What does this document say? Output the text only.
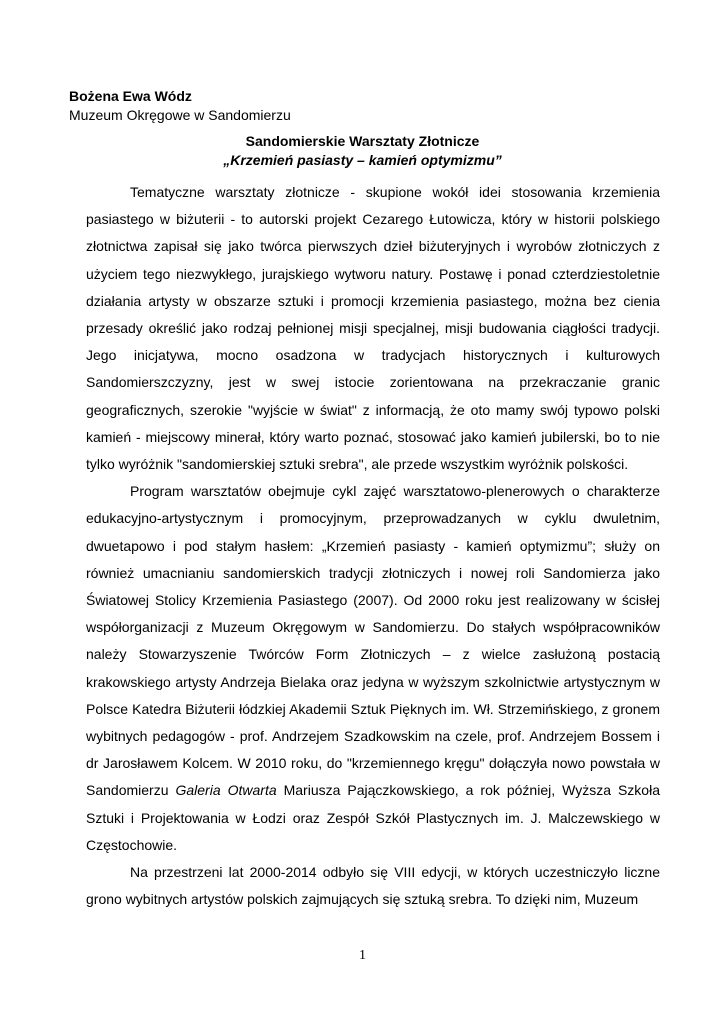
Bożena Ewa Wódz
Muzeum Okręgowe w Sandomierzu
Sandomierskie Warsztaty Złotnicze
„Krzemień pasiasty – kamień optymizmu”

Tematyczne warsztaty złotnicze - skupione wokół idei stosowania krzemienia pasiastego w biżuterii - to autorski projekt Cezarego Łutowicza, który w historii polskiego złotnictwa zapisał się jako twórca pierwszych dzieł biżuteryjnych i wyrobów złotniczych z użyciem tego niezwykłego, jurajskiego wytworu natury. Postawę i ponad czterdziestoletnie działania artysty w obszarze sztuki i promocji krzemienia pasiastego, można bez cienia przesady określić jako rodzaj pełnionej misji specjalnej, misji budowania ciągłości tradycji. Jego inicjatywa, mocno osadzona w tradycjach historycznych i kulturowych Sandomierszczyzny, jest w swej istocie zorientowana na przekraczanie granic geograficznych, szerokie "wyjście w świat" z informacją, że oto mamy swój typowo polski kamień - miejscowy minerał, który warto poznać, stosować jako kamień jubilerski, bo to nie tylko wyróżnik "sandomierskiej sztuki srebra", ale przede wszystkim wyróżnik polskości.

Program warsztatów obejmuje cykl zajęć warsztatowo-plenerowych o charakterze edukacyjno-artystycznym i promocyjnym, przeprowadzanych w cyklu dwuletnim, dwuetapowo i pod stałym hasłem: „Krzemień pasiasty - kamień optymizmu”; służy on również umacnianiu sandomierskich tradycji złotniczych i nowej roli Sandomierza jako Światowej Stolicy Krzemienia Pasiastego (2007). Od 2000 roku jest realizowany w ścisłej współorganizacji z Muzeum Okręgowym w Sandomierzu. Do stałych współpracowników należy Stowarzyszenie Twórców Form Złotniczych – z wielce zasłużoną postacią krakowskiego artysty Andrzeja Bielaka oraz jedyna w wyższym szkolnictwie artystycznym w Polsce Katedra Biżuterii łódzkiej Akademii Sztuk Pięknych im. Wł. Strzemińskiego, z gronem wybitnych pedagogów - prof. Andrzejem Szadkowskim na czele, prof. Andrzejem Bossem i dr Jarosławem Kolcem. W 2010 roku, do "krzemiennego kręgu" dołączyła nowo powstała w Sandomierzu Galeria Otwarta Mariusza Pajączkowskiego, a rok później, Wyższa Szkoła Sztuki i Projektowania w Łodzi oraz Zespół Szkół Plastycznych im. J. Malczewskiego w Częstochowie.

Na przestrzeni lat 2000-2014 odbyło się VIII edycji, w których uczestniczyło liczne grono wybitnych artystów polskich zajmujących się sztuką srebra. To dzięki nim, Muzeum

1
